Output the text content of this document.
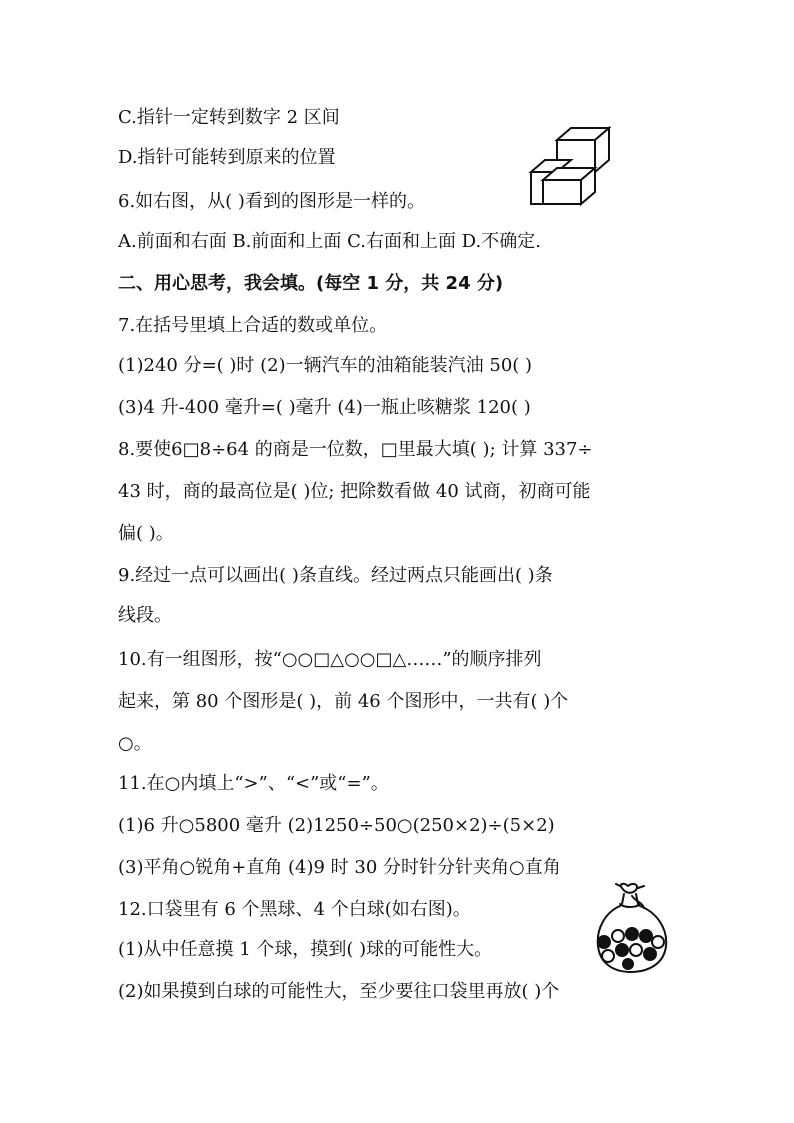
C.指针一定转到数字 2 区间
D.指针可能转到原来的位置
6.如右图，从( )看到的图形是一样的。
A.前面和右面 B.前面和上面 C.右面和上面 D.不确定.
二、用心思考，我会填。(每空 1 分，共 24 分)
7.在括号里填上合适的数或单位。
(1)240 分=( )时 (2)一辆汽车的油箱能装汽油 50( )
(3)4 升-400 毫升=( )毫升 (4)一瓶止咳糖浆 120( )
8.要使6□8÷64 的商是一位数，□里最大填( ); 计算 337÷
43 时，商的最高位是( )位; 把除数看做 40 试商，初商可能
偏( )。
9.经过一点可以画出( )条直线。经过两点只能画出( )条
线段。
10.有一组图形，按“○○□△○○□△……”的顺序排列
起来，第 80 个图形是( )，前 46 个图形中，一共有( )个
○。
11.在○内填上“>”、“<”或“=”。
(1)6 升○5800 毫升 (2)1250÷50○(250×2)÷(5×2)
(3)平角○锐角+直角 (4)9 时 30 分时针分针夹角○直角
12.口袋里有 6 个黑球、4 个白球(如右图)。
(1)从中任意摸 1 个球，摸到( )球的可能性大。
(2)如果摸到白球的可能性大，至少要往口袋里再放( )个
